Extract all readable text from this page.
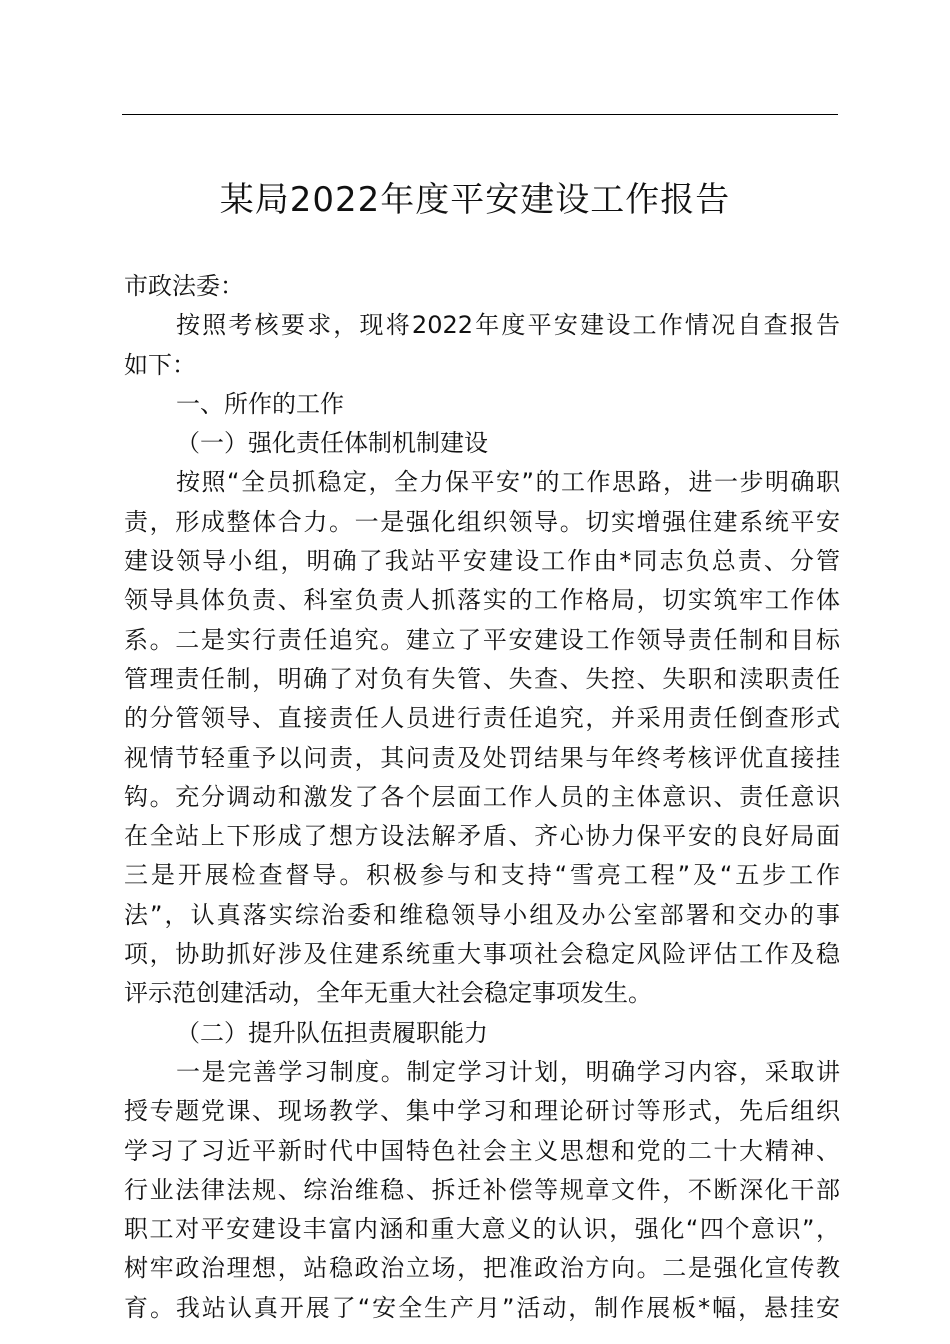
某局2022年度平安建设工作报告
市政法委：
按照考核要求，现将2022年度平安建设工作情况自查报告
如下：
一、所作的工作
（一）强化责任体制机制建设
按照“全员抓稳定，全力保平安”的工作思路，进一步明确职
责，形成整体合力。一是强化组织领导。切实增强住建系统平安
建设领导小组，明确了我站平安建设工作由*同志负总责、分管
领导具体负责、科室负责人抓落实的工作格局，切实筑牢工作体
系。二是实行责任追究。建立了平安建设工作领导责任制和目标
管理责任制，明确了对负有失管、失查、失控、失职和渎职责任
的分管领导、直接责任人员进行责任追究，并采用责任倒查形式
视情节轻重予以问责，其问责及处罚结果与年终考核评优直接挂
钩。充分调动和激发了各个层面工作人员的主体意识、责任意识
在全站上下形成了想方设法解矛盾、齐心协力保平安的良好局面
三是开展检查督导。积极参与和支持“雪亮工程”及“五步工作
法”，认真落实综治委和维稳领导小组及办公室部署和交办的事
项，协助抓好涉及住建系统重大事项社会稳定风险评估工作及稳
评示范创建活动，全年无重大社会稳定事项发生。
（二）提升队伍担责履职能力
一是完善学习制度。制定学习计划，明确学习内容，采取讲
授专题党课、现场教学、集中学习和理论研讨等形式，先后组织
学习了习近平新时代中国特色社会主义思想和党的二十大精神、
行业法律法规、综治维稳、拆迁补偿等规章文件，不断深化干部
职工对平安建设丰富内涵和重大意义的认识，强化“四个意识”，
树牢政治理想，站稳政治立场，把准政治方向。二是强化宣传教
育。我站认真开展了“安全生产月”活动，制作展板*幅，悬挂安
